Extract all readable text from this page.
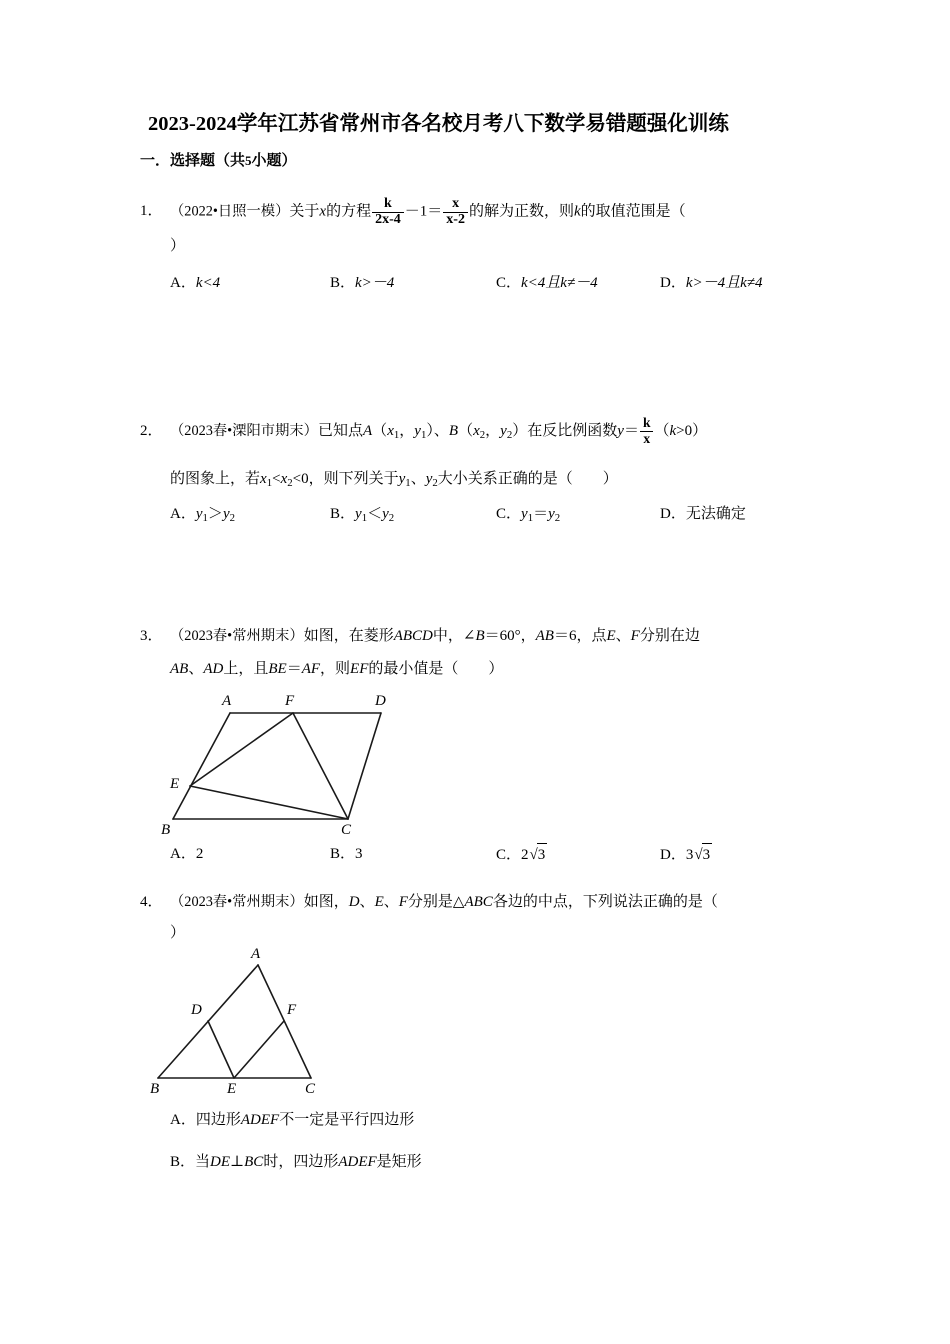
2023-2024学年江苏省常州市各名校月考八下数学易错题强化训练
一．选择题（共5小题）
1． （2022•日照一模）关于x的方程 $\frac{k}{2x-4} -1= \frac{x}{x-2}$ 的解为正数，则k的取值范围是（
）
A．k<4	B．k>－4	C．k<4且k≠－4	D．k>－4且k≠4
2． （2023春•溧阳市期末）已知点$A(x_1$，$y_1$）、$B(x_2$，$y_2$）在反比例函数$y= \frac{k}{x} (k>0)$
的图象上，若$x_1<x_2<0$，则下列关于$y_1$、$y_2$大小关系正确的是（　　）
A．$y_1>y_2$	B．$y_1<y_2$	C．$y_1=y_2$	D．无法确定
3． （2023春•常州期末）如图，在菱形ABCD中，∠B＝60°，AB＝6，点E、F分别在边
AB、AD上，且BE＝AF，则EF的最小值是（　　）
A	F	D
E
B	C
A．2	B．3	C．2√3	D．3√3
4． （2023春•常州期末）如图，D、E、F分别是△ABC各边的中点，下列说法正确的是（
）
A
D	F
B	E	C
A．四边形ADEF不一定是平行四边形
B．当DE⊥BC时，四边形ADEF是矩形
